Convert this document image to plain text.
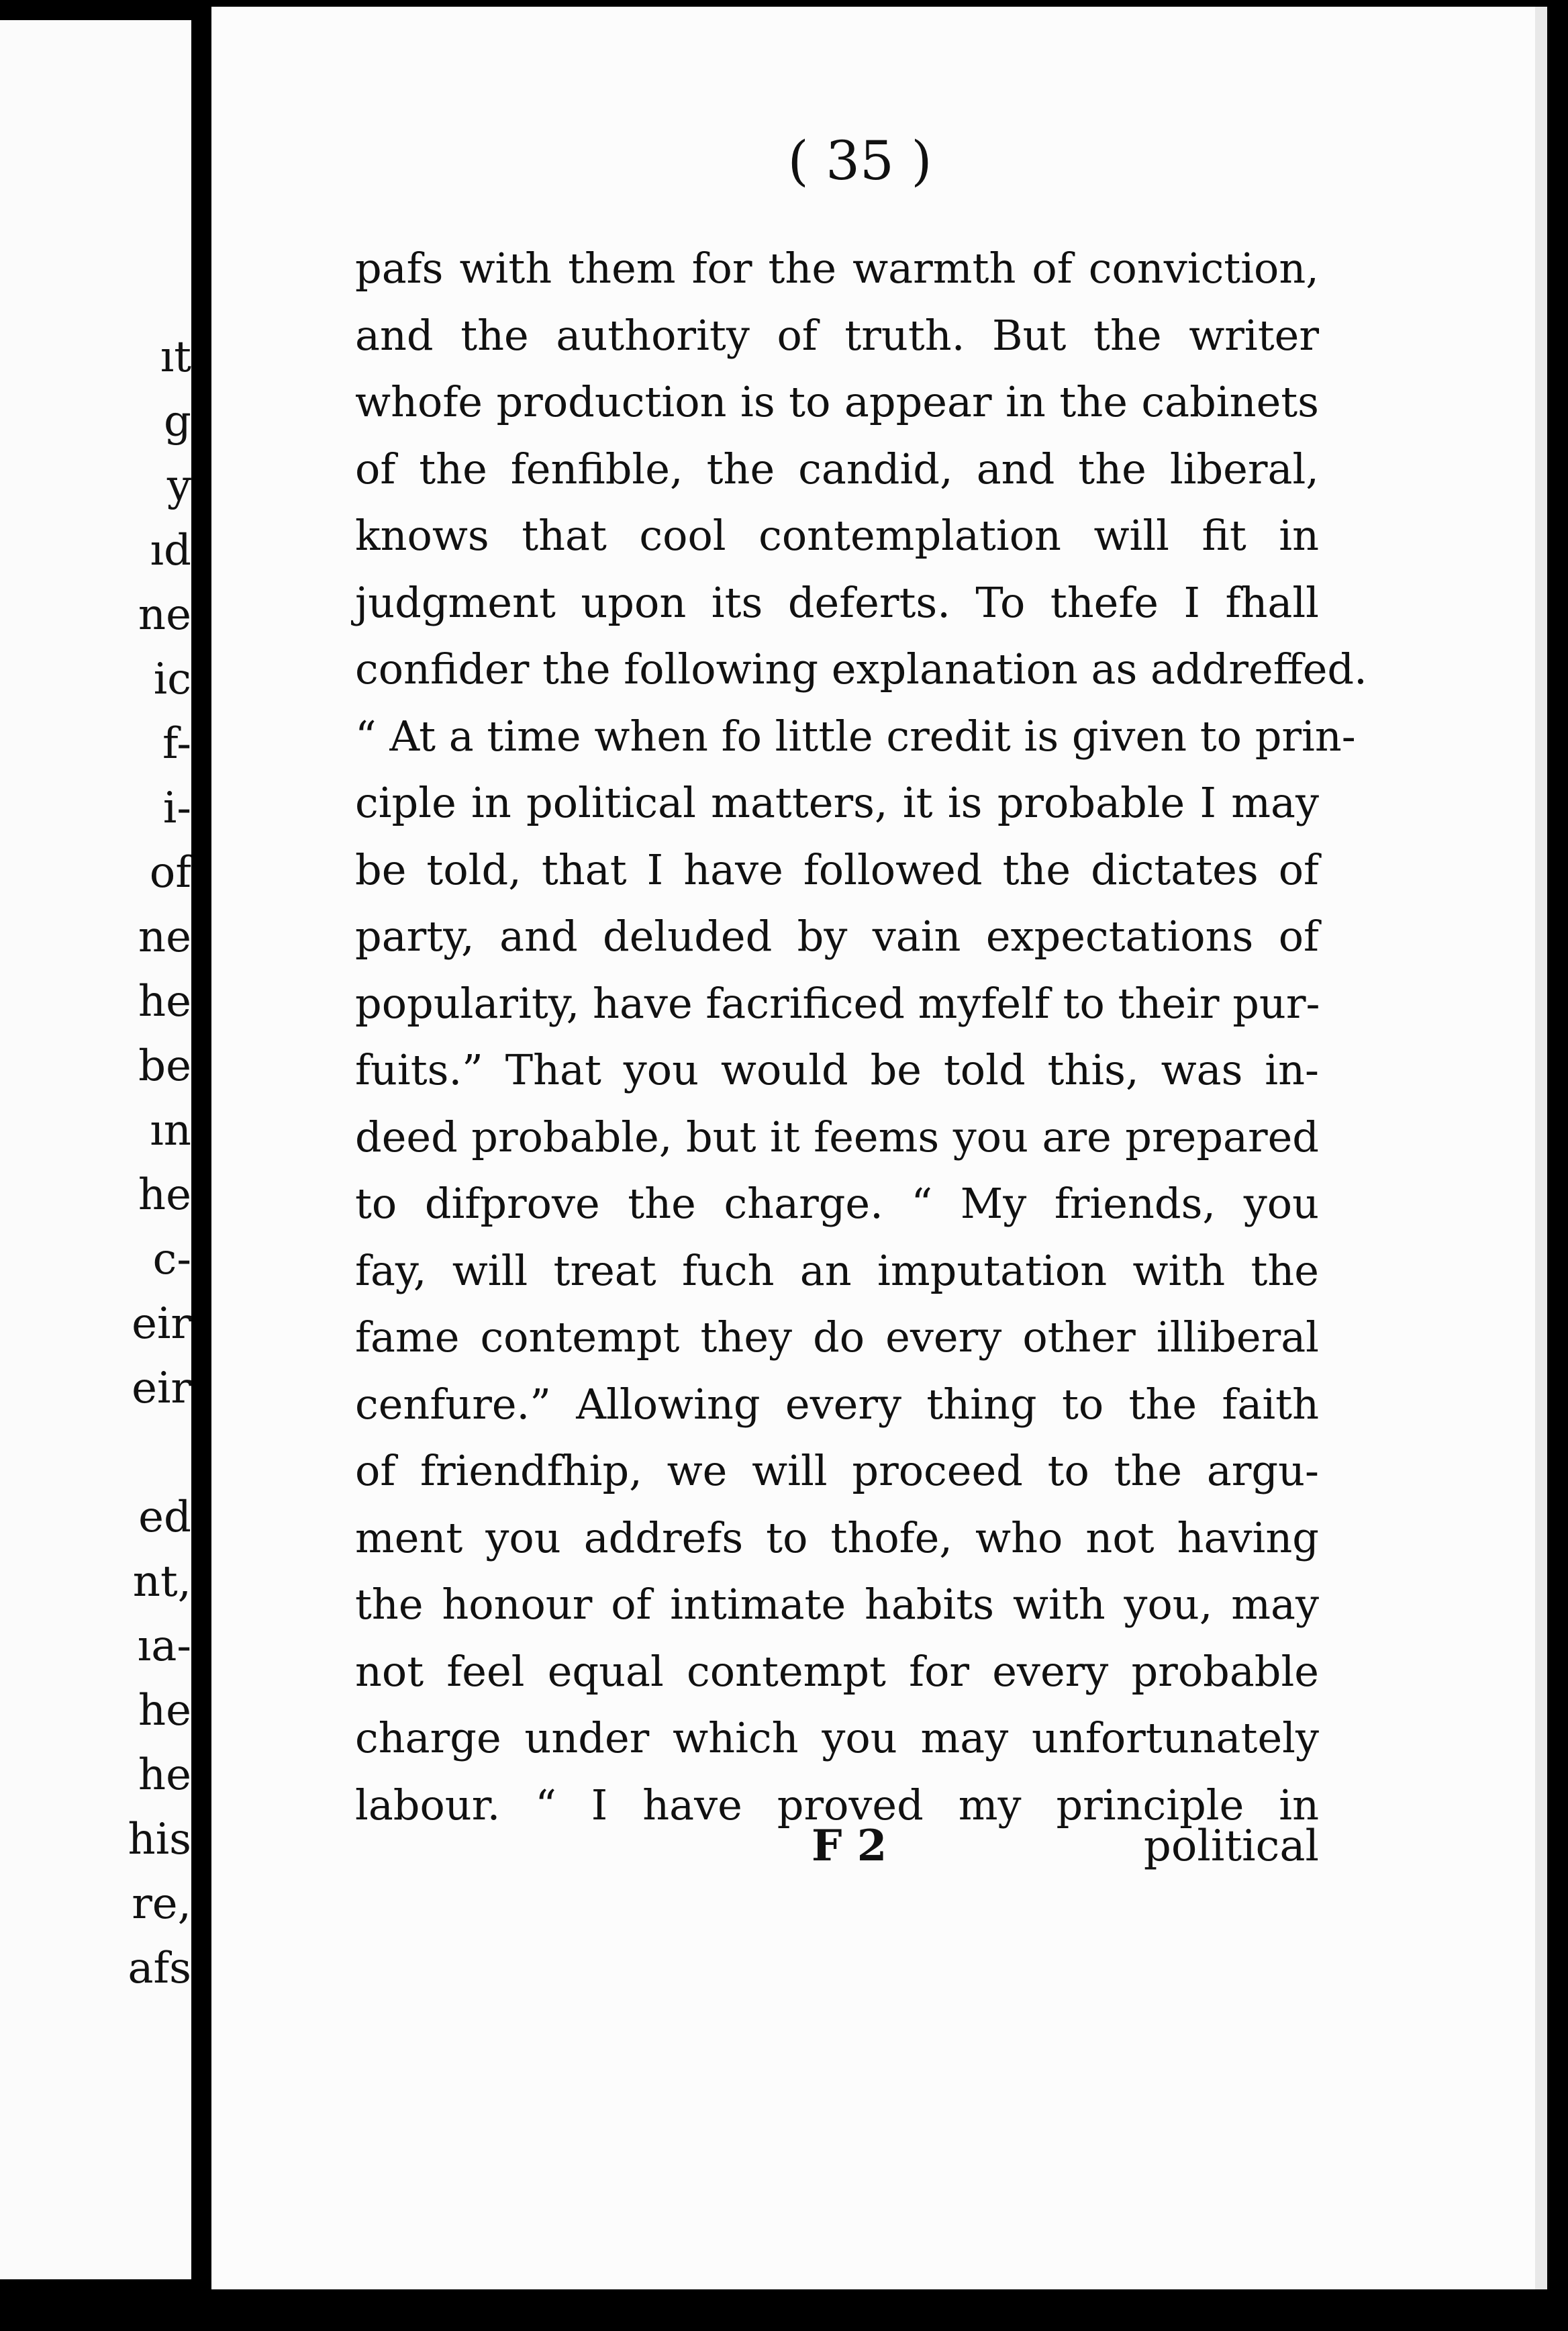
ıt
g
y
ıd
ne
ic
f-
i-
of
ne
he
be
ın
he
c-
eir
eir
ed
nt,
ıa-
he
he
his
re,
afs
( 35 )
pafs with them for the warmth of conviction,
and the authority of truth. But the writer
whofe production is to appear in the cabinets
of the fenfible, the candid, and the liberal,
knows that cool contemplation will fit in
judgment upon its deferts. To thefe I fhall
confider the following explanation as addreffed.
“ At a time when fo little credit is given to prin-
ciple in political matters, it is probable I may
be told, that I have followed the dictates of
party, and deluded by vain expectations of
popularity, have facrificed myfelf to their pur-
fuits.” That you would be told this, was in-
deed probable, but it feems you are prepared
to difprove the charge. “ My friends, you
fay, will treat fuch an imputation with the
fame contempt they do every other illiberal
cenfure.” Allowing every thing to the faith
of friendfhip, we will proceed to the argu-
ment you addrefs to thofe, who not having
the honour of intimate habits with you, may
not feel equal contempt for every probable
charge under which you may unfortunately
labour. “ I have proved my principle in
F 2	political
